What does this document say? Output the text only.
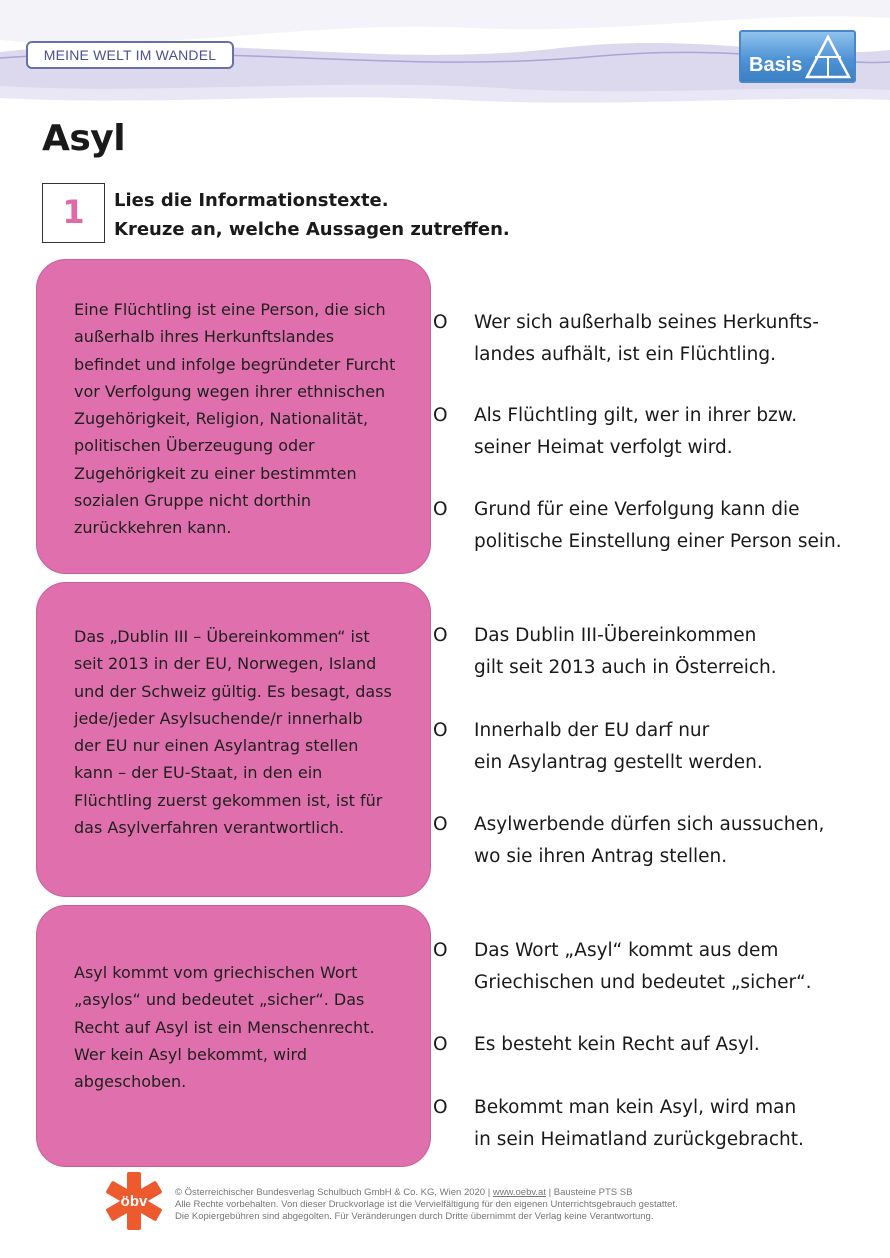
MEINE WELT IM WANDEL	Basis
Asyl
1	Lies die Informationstexte.
Kreuze an, welche Aussagen zutreffen.
Eine Flüchtling ist eine Person, die sich
außerhalb ihres Herkunftslandes
befindet und infolge begründeter Furcht
vor Verfolgung wegen ihrer ethnischen
Zugehörigkeit, Religion, Nationalität,
politischen Überzeugung oder
Zugehörigkeit zu einer bestimmten
sozialen Gruppe nicht dorthin
zurückkehren kann.
Das „Dublin III – Übereinkommen“ ist
seit 2013 in der EU, Norwegen, Island
und der Schweiz gültig. Es besagt, dass
jede/jeder Asylsuchende/r innerhalb
der EU nur einen Asylantrag stellen
kann – der EU-Staat, in den ein
Flüchtling zuerst gekommen ist, ist für
das Asylverfahren verantwortlich.
Asyl kommt vom griechischen Wort
„asylos“ und bedeutet „sicher“. Das
Recht auf Asyl ist ein Menschenrecht.
Wer kein Asyl bekommt, wird
abgeschoben.
O Wer sich außerhalb seines Herkunfts-
landes aufhält, ist ein Flüchtling.
O Als Flüchtling gilt, wer in ihrer bzw.
seiner Heimat verfolgt wird.
O Grund für eine Verfolgung kann die
politische Einstellung einer Person sein.
O Das Dublin III-Übereinkommen
gilt seit 2013 auch in Österreich.
O Innerhalb der EU darf nur
ein Asylantrag gestellt werden.
O Asylwerbende dürfen sich aussuchen,
wo sie ihren Antrag stellen.
O Das Wort „Asyl“ kommt aus dem
Griechischen und bedeutet „sicher“.
O Es besteht kein Recht auf Asyl.
O Bekommt man kein Asyl, wird man
in sein Heimatland zurückgebracht.
öbv
© Österreichischer Bundesverlag Schulbuch GmbH & Co. KG, Wien 2020 | www.oebv.at | Bausteine PTS SB
Alle Rechte vorbehalten. Von dieser Druckvorlage ist die Vervielfältigung für den eigenen Unterrichtsgebrauch gestattet.
Die Kopiergebühren sind abgegolten. Für Veränderungen durch Dritte übernimmt der Verlag keine Verantwortung.
